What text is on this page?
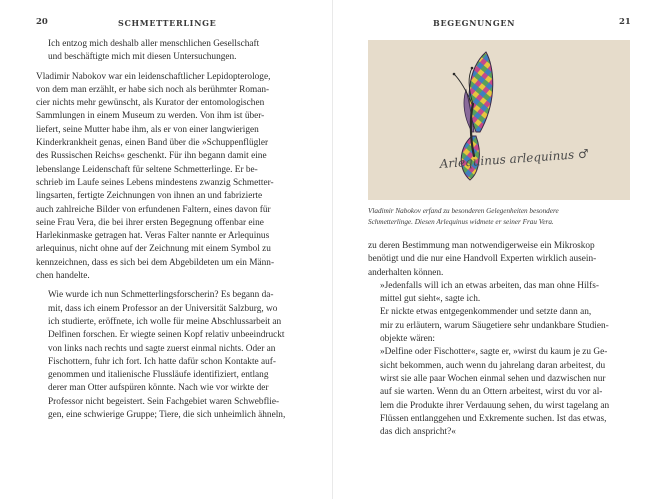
20	SCHMETTERLINGE

Ich entzog mich deshalb aller menschlichen Gesellschaft
und beschäftigte mich mit diesen Untersuchungen.

Vladimir Nabokov war ein leidenschaftlicher Lepidopterologe,
von dem man erzählt, er habe sich noch als berühmter Roman-
cier nichts mehr gewünscht, als Kurator der entomologischen
Sammlungen in einem Museum zu werden. Von ihm ist über-
liefert, seine Mutter habe ihm, als er von einer langwierigen
Kinderkrankheit genas, einen Band über die »Schuppenflügler
des Russischen Reichs« geschenkt. Für ihn begann damit eine
lebenslange Leidenschaft für seltene Schmetterlinge. Er be-
schrieb im Laufe seines Lebens mindestens zwanzig Schmetter-
lingsarten, fertigte Zeichnungen von ihnen an und fabrizierte
auch zahlreiche Bilder von erfundenen Faltern, eines davon für
seine Frau Vera, die bei ihrer ersten Begegnung offenbar eine
Harlekinmaske getragen hat. Veras Falter nannte er Arlequinus
arlequinus, nicht ohne auf der Zeichnung mit einem Symbol zu
kennzeichnen, dass es sich bei dem Abgebildeten um ein Männ-
chen handelte.

Wie wurde ich nun Schmetterlingsforscherin? Es begann da-
mit, dass ich einem Professor an der Universität Salzburg, wo
ich studierte, eröffnete, ich wolle für meine Abschlussarbeit an
Delfinen forschen. Er wiegte seinen Kopf relativ unbeeindruckt
von links nach rechts und sagte zuerst einmal nichts. Oder an
Fischottern, fuhr ich fort. Ich hatte dafür schon Kontakte auf-
genommen und italienische Flussläufe identifiziert, entlang
derer man Otter aufspüren könnte. Nach wie vor wirkte der
Professor nicht begeistert. Sein Fachgebiet waren Schwebflie-
gen, eine schwierige Gruppe; Tiere, die sich unheimlich ähneln,

BEGEGNUNGEN	21
Arlequinus arlequinus ♂
Vladimir Nabokov erfand zu besonderen Gelegenheiten besondere
Schmetterlinge. Diesen Arlequinus widmete er seiner Frau Vera.

zu deren Bestimmung man notwendigerweise ein Mikroskop
benötigt und die nur eine Handvoll Experten wirklich ausein-
anderhalten können.

»Jedenfalls will ich an etwas arbeiten, das man ohne Hilfs-
mittel gut sieht«, sagte ich.

Er nickte etwas entgegenkommender und setzte dann an,
mir zu erläutern, warum Säugetiere sehr undankbare Studien-
objekte wären:

»Delfine oder Fischotter«, sagte er, »wirst du kaum je zu Ge-
sicht bekommen, auch wenn du jahrelang daran arbeitest, du
wirst sie alle paar Wochen einmal sehen und dazwischen nur
auf sie warten. Wenn du an Ottern arbeitest, wirst du vor al-
lem die Produkte ihrer Verdauung sehen, du wirst tagelang an
Flüssen entlanggehen und Exkremente suchen. Ist das etwas,
das dich anspricht?«
